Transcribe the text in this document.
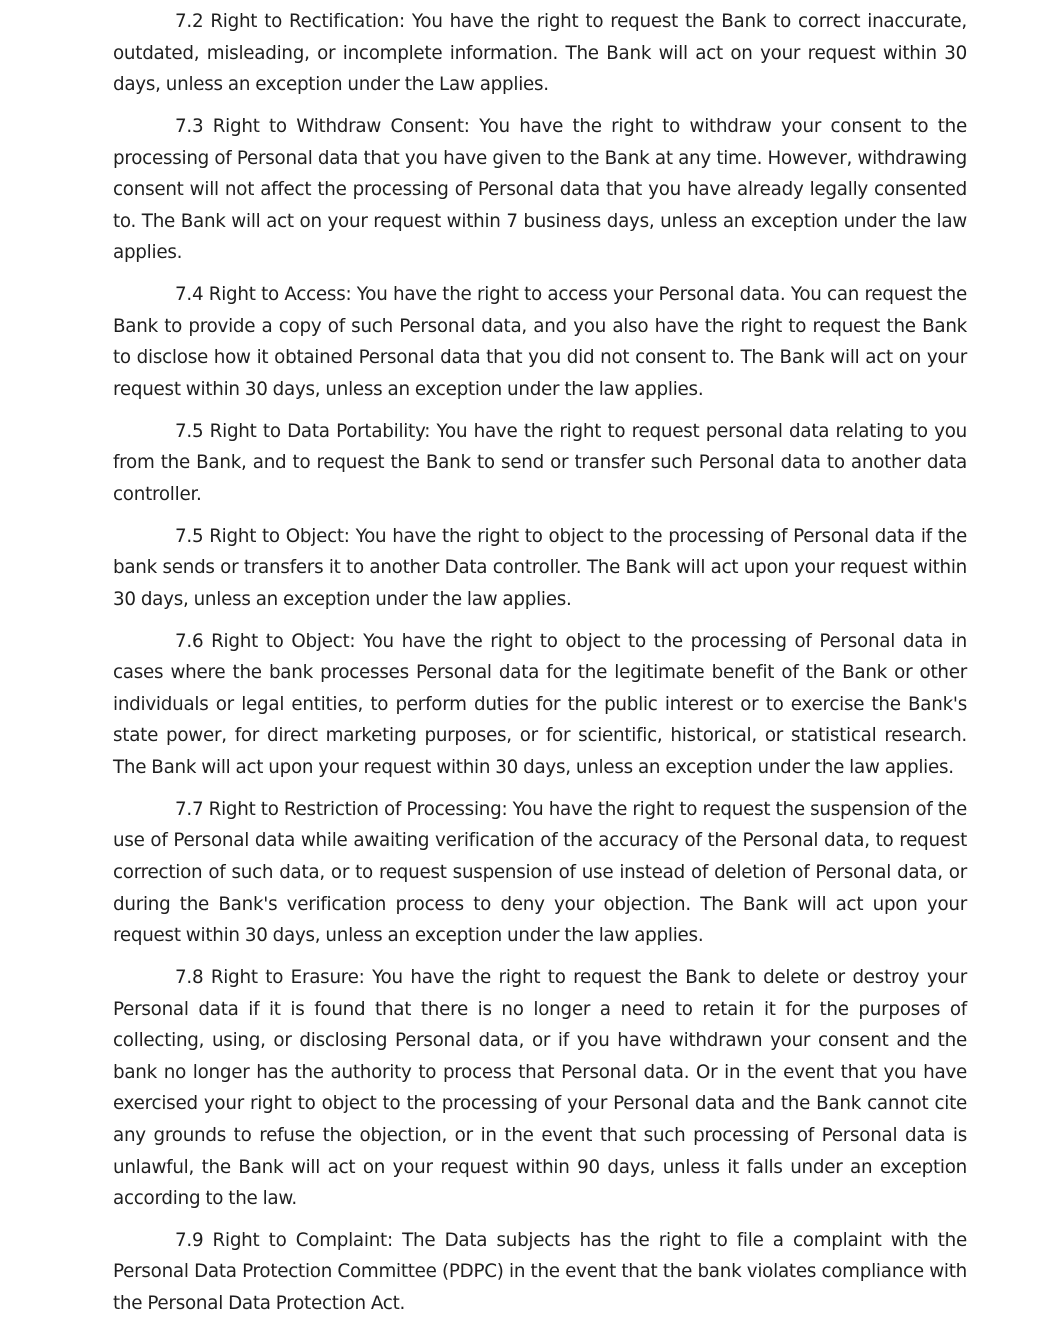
7.2 Right to Rectification: You have the right to request the Bank to correct inaccurate, outdated, misleading, or incomplete information. The Bank will act on your request within 30 days, unless an exception under the Law applies.

7.3 Right to Withdraw Consent: You have the right to withdraw your consent to the processing of Personal data that you have given to the Bank at any time. However, withdrawing consent will not affect the processing of Personal data that you have already legally consented to. The Bank will act on your request within 7 business days, unless an exception under the law applies.

7.4 Right to Access: You have the right to access your Personal data. You can request the Bank to provide a copy of such Personal data, and you also have the right to request the Bank to disclose how it obtained Personal data that you did not consent to. The Bank will act on your request within 30 days, unless an exception under the law applies.

7.5 Right to Data Portability: You have the right to request personal data relating to you from the Bank, and to request the Bank to send or transfer such Personal data to another data controller.

7.5 Right to Object: You have the right to object to the processing of Personal data if the bank sends or transfers it to another Data controller. The Bank will act upon your request within 30 days, unless an exception under the law applies.

7.6 Right to Object: You have the right to object to the processing of Personal data in cases where the bank processes Personal data for the legitimate benefit of the Bank or other individuals or legal entities, to perform duties for the public interest or to exercise the Bank's state power, for direct marketing purposes, or for scientific, historical, or statistical research. The Bank will act upon your request within 30 days, unless an exception under the law applies.

7.7 Right to Restriction of Processing: You have the right to request the suspension of the use of Personal data while awaiting verification of the accuracy of the Personal data, to request correction of such data, or to request suspension of use instead of deletion of Personal data, or during the Bank's verification process to deny your objection. The Bank will act upon your request within 30 days, unless an exception under the law applies.

7.8 Right to Erasure: You have the right to request the Bank to delete or destroy your Personal data if it is found that there is no longer a need to retain it for the purposes of collecting, using, or disclosing Personal data, or if you have withdrawn your consent and the bank no longer has the authority to process that Personal data. Or in the event that you have exercised your right to object to the processing of your Personal data and the Bank cannot cite any grounds to refuse the objection, or in the event that such processing of Personal data is unlawful, the Bank will act on your request within 90 days, unless it falls under an exception according to the law.

7.9 Right to Complaint: The Data subjects has the right to file a complaint with the Personal Data Protection Committee (PDPC) in the event that the bank violates compliance with the Personal Data Protection Act.
